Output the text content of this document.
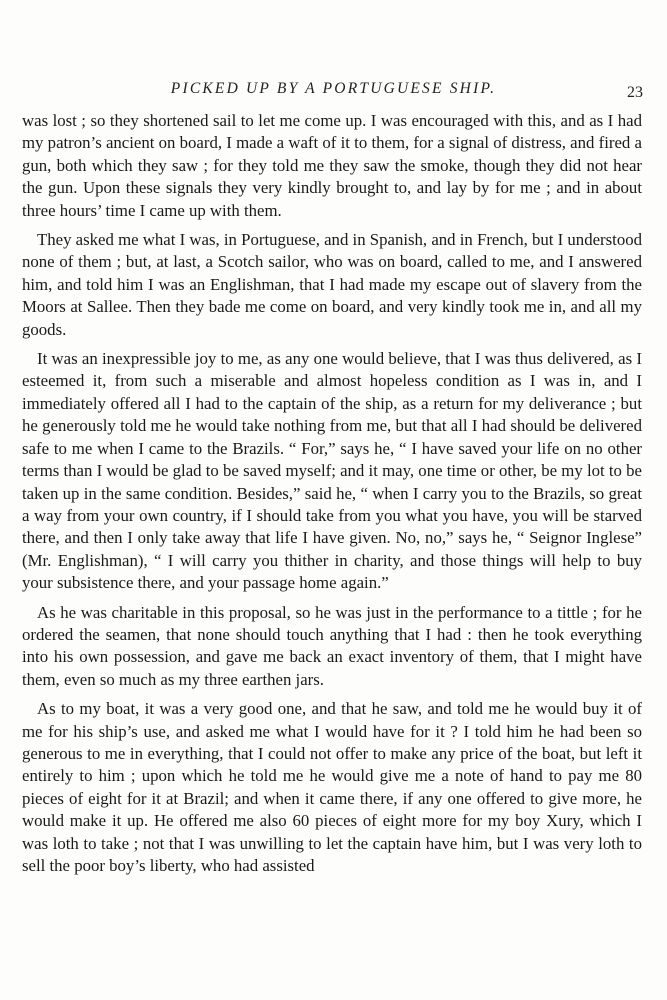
PICKED UP BY A PORTUGUESE SHIP.	23

was lost ; so they shortened sail to let me come up. I was encouraged with this, and as I had my patron’s ancient on board, I made a waft of it to them, for a signal of distress, and fired a gun, both which they saw ; for they told me they saw the smoke, though they did not hear the gun. Upon these signals they very kindly brought to, and lay by for me ; and in about three hours’ time I came up with them.

They asked me what I was, in Portuguese, and in Spanish, and in French, but I understood none of them ; but, at last, a Scotch sailor, who was on board, called to me, and I answered him, and told him I was an Englishman, that I had made my escape out of slavery from the Moors at Sallee. Then they bade me come on board, and very kindly took me in, and all my goods.

It was an inexpressible joy to me, as any one would believe, that I was thus delivered, as I esteemed it, from such a miserable and almost hopeless condition as I was in, and I immediately offered all I had to the captain of the ship, as a return for my deliverance ; but he generously told me he would take nothing from me, but that all I had should be delivered safe to me when I came to the Brazils. “ For,” says he, “ I have saved your life on no other terms than I would be glad to be saved myself; and it may, one time or other, be my lot to be taken up in the same condition. Besides,” said he, “ when I carry you to the Brazils, so great a way from your own country, if I should take from you what you have, you will be starved there, and then I only take away that life I have given. No, no,” says he, “ Seignor Inglese” (Mr. Englishman), “ I will carry you thither in charity, and those things will help to buy your subsistence there, and your passage home again.”

As he was charitable in this proposal, so he was just in the performance to a tittle ; for he ordered the seamen, that none should touch anything that I had : then he took everything into his own possession, and gave me back an exact inventory of them, that I might have them, even so much as my three earthen jars.

As to my boat, it was a very good one, and that he saw, and told me he would buy it of me for his ship’s use, and asked me what I would have for it ? I told him he had been so generous to me in everything, that I could not offer to make any price of the boat, but left it entirely to him ; upon which he told me he would give me a note of hand to pay me 80 pieces of eight for it at Brazil; and when it came there, if any one offered to give more, he would make it up. He offered me also 60 pieces of eight more for my boy Xury, which I was loth to take ; not that I was unwilling to let the captain have him, but I was very loth to sell the poor boy’s liberty, who had assisted
